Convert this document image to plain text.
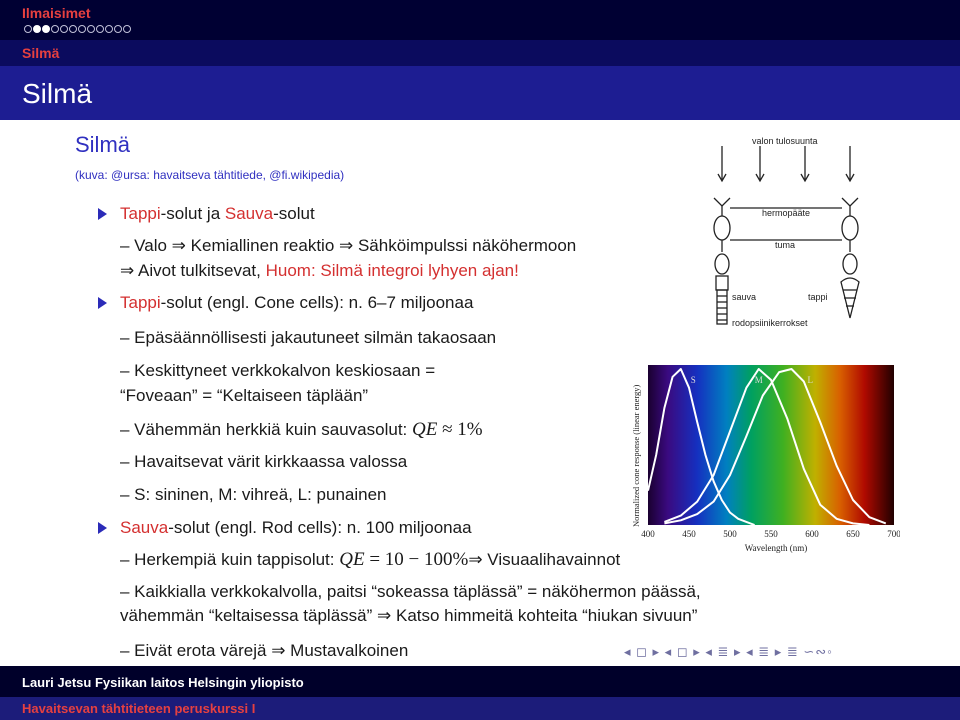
Ilmaisimet
Silmä
Silmä
Silmä
(kuva: @ursa: havaitseva tähtitiede, @fi.wikipedia)
Tappi-solut ja Sauva-solut
– Valo ⇒ Kemiallinen reaktio ⇒ Sähköimpulssi näköhermoon
⇒ Aivot tulkitsevat, Huom: Silmä integroi lyhyen ajan!
Tappi-solut (engl. Cone cells): n. 6–7 miljoonaa
– Epäsäännöllisesti jakautuneet silmän takaosaan
– Keskittyneet verkkokalvon keskiosaan =
“Foveaan” = “Keltaiseen täplään”
– Vähemmän herkkiä kuin sauvasolut: QE ≈ 1%
– Havaitsevat värit kirkkaassa valossa
– S: sininen, M: vihreä, L: punainen
Sauva-solut (engl. Rod cells): n. 100 miljoonaa
– Herkempiä kuin tappisolut: QE = 10 − 100%⇒ Visuaalihavainnot
– Kaikkialla verkkokalvolla, paitsi “sokeassa täplässä” = näköhermon päässä,
vähemmän “keltaisessa täplässä” ⇒ Katso himmeitä kohteita “hiukan sivuun”
– Eivät erota värejä ⇒ Mustavalkoinen
valon tulosuunta
hermopääte
tuma
sauva	tappi
rodopsiinikerrokset
400	450	500	550	600	650	700
S	M	L
Wavelength (nm)
Normalized cone response (linear energy)
◂ ◻ ▸ ◂ ◻ ▸ ◂ ≣ ▸ ◂ ≣ ▸ ≣ ∽∾◦
Lauri Jetsu Fysiikan laitos Helsingin yliopisto
Havaitsevan tähtitieteen peruskurssi I
